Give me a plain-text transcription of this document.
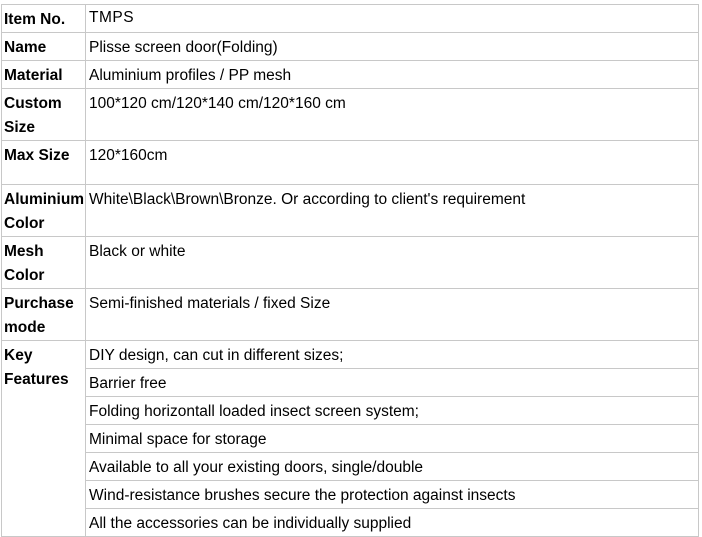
Item No.	TMPS
Name	Plisse screen door(Folding)
Material	Aluminium profiles / PP mesh
Custom Size	100*120 cm/120*140 cm/120*160 cm
Max Size	120*160cm
Aluminium Color	White\Black\Brown\Bronze. Or according to client's requirement
Mesh Color	Black or white
Purchase mode	Semi-finished materials / fixed Size
Key Features	DIY design, can cut in different sizes;
	Barrier free
	Folding horizontall loaded insect screen system;
	Minimal space for storage
	Available to all your existing doors, single/double
	Wind-resistance brushes secure the protection against insects
	All the accessories can be individually supplied
